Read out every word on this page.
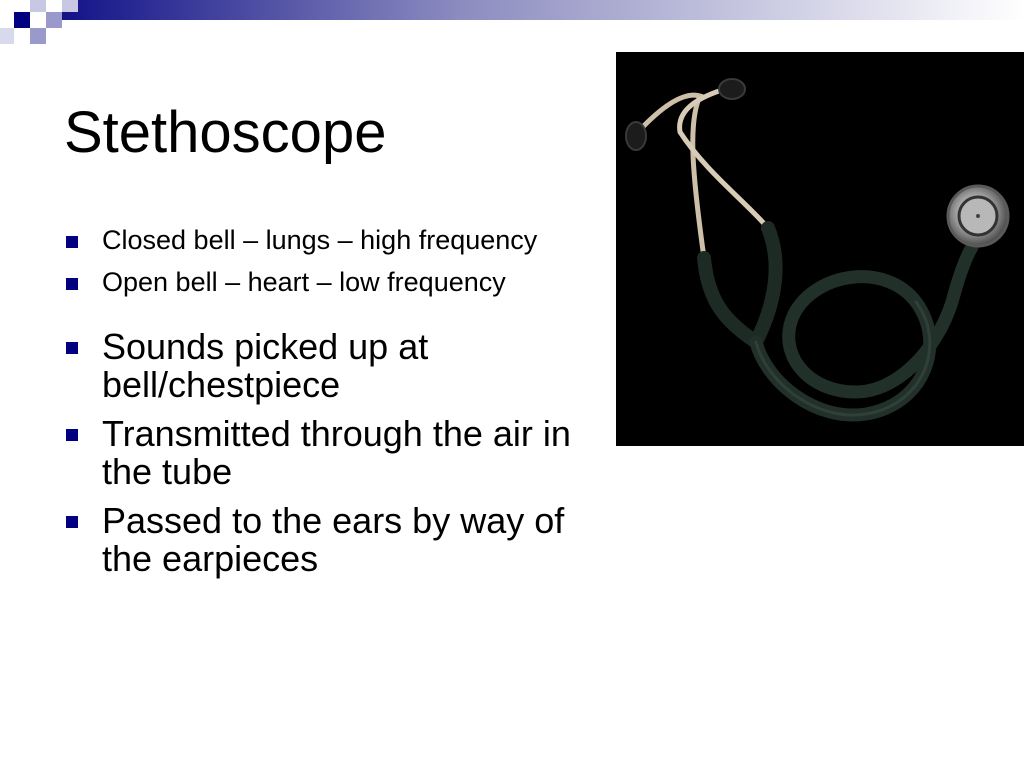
Stethoscope
Closed bell – lungs – high frequency
Open bell – heart – low frequency
Sounds picked up at bell/chestpiece
Transmitted through the air in the tube
Passed to the ears by way of the earpieces
